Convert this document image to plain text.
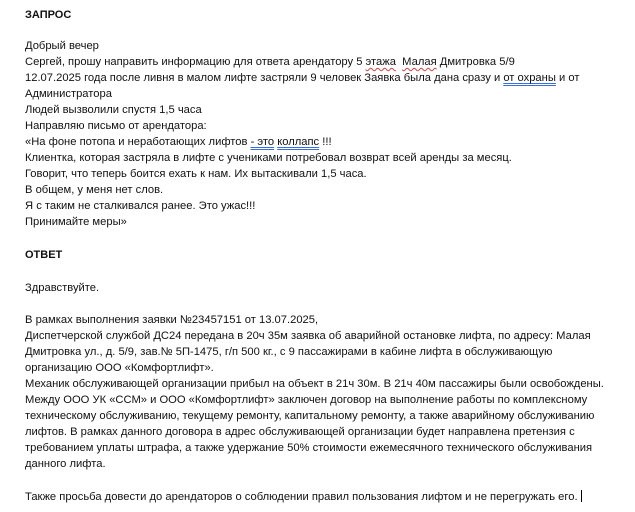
ЗАПРОС
Добрый вечер
Сергей, прошу направить информацию для ответа арендатору 5 этажа Малая Дмитровка 5/9
12.07.2025 года после ливня в малом лифте застряли 9 человек Заявка была дана сразу и от охраны и от
Администратора
Людей вызволили спустя 1,5 часа
Направляю письмо от арендатора:
«На фоне потопа и неработающих лифтов - это коллапс !!!
Клиентка, которая застряла в лифте с учениками потребовал возврат всей аренды за месяц.
Говорит, что теперь боится ехать к нам. Их вытаскивали 1,5 часа.
В общем, у меня нет слов.
Я с таким не сталкивался ранее. Это ужас!!!
Принимайте меры»
ОТВЕТ
Здравствуйте.
В рамках выполнения заявки №23457151 от 13.07.2025,
Диспетчерской службой ДС24 передана в 20ч 35м заявка об аварийной остановке лифта, по адресу: Малая
Дмитровка ул., д. 5/9, зав.№ 5П-1475, г/п 500 кг., с 9 пассажирами в кабине лифта в обслуживающую
организацию ООО «Комфортлифт».
Механик обслуживающей организации прибыл на объект в 21ч 30м. В 21ч 40м пассажиры были освобождены.
Между ООО УК «ССМ» и ООО «Комфортлифт» заключен договор на выполнение работы по комплексному
техническому обслуживанию, текущему ремонту, капитальному ремонту, а также аварийному обслуживанию
лифтов. В рамках данного договора в адрес обслуживающей организации будет направлена претензия с
требованием уплаты штрафа, а также удержание 50% стоимости ежемесячного технического обслуживания
данного лифта.
Также просьба довести до арендаторов о соблюдении правил пользования лифтом и не перегружать его.
